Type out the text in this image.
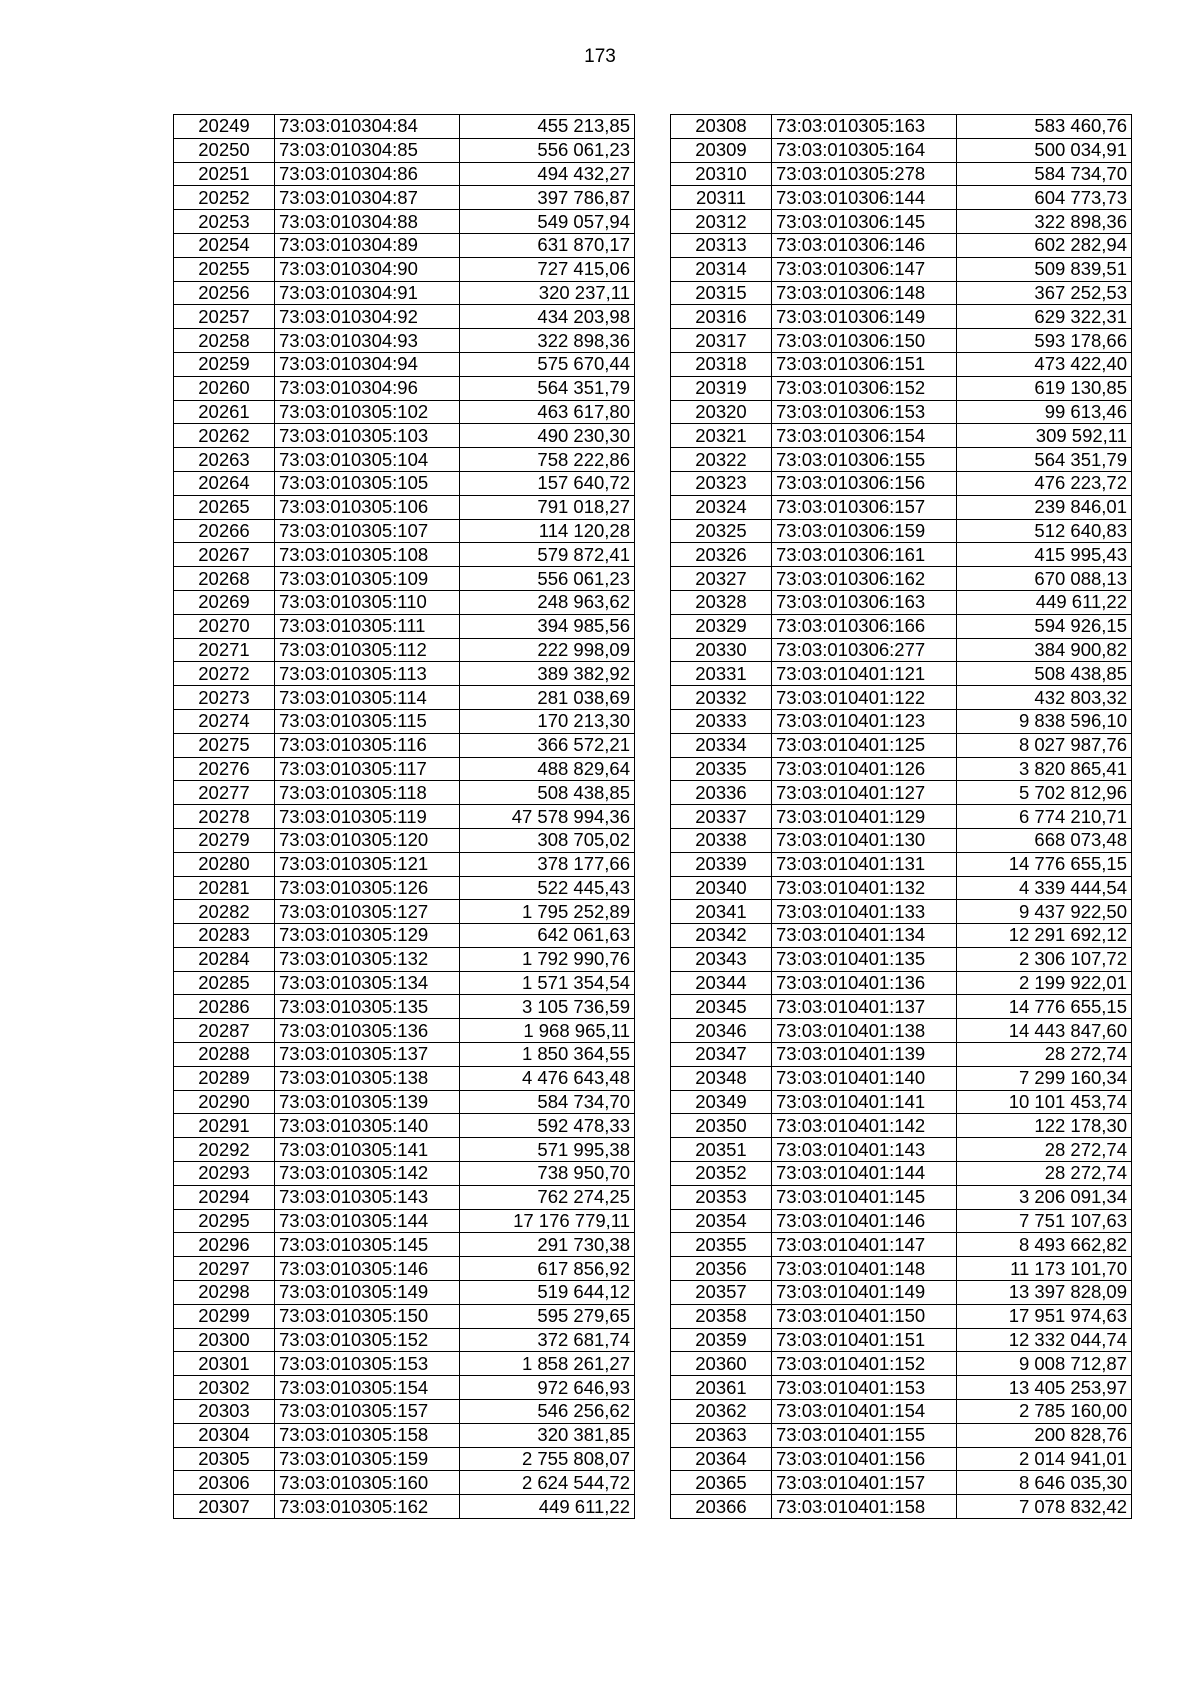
173
20249	73:03:010304:84	455 213,85
20250	73:03:010304:85	556 061,23
20251	73:03:010304:86	494 432,27
20252	73:03:010304:87	397 786,87
20253	73:03:010304:88	549 057,94
20254	73:03:010304:89	631 870,17
20255	73:03:010304:90	727 415,06
20256	73:03:010304:91	320 237,11
20257	73:03:010304:92	434 203,98
20258	73:03:010304:93	322 898,36
20259	73:03:010304:94	575 670,44
20260	73:03:010304:96	564 351,79
20261	73:03:010305:102	463 617,80
20262	73:03:010305:103	490 230,30
20263	73:03:010305:104	758 222,86
20264	73:03:010305:105	157 640,72
20265	73:03:010305:106	791 018,27
20266	73:03:010305:107	114 120,28
20267	73:03:010305:108	579 872,41
20268	73:03:010305:109	556 061,23
20269	73:03:010305:110	248 963,62
20270	73:03:010305:111	394 985,56
20271	73:03:010305:112	222 998,09
20272	73:03:010305:113	389 382,92
20273	73:03:010305:114	281 038,69
20274	73:03:010305:115	170 213,30
20275	73:03:010305:116	366 572,21
20276	73:03:010305:117	488 829,64
20277	73:03:010305:118	508 438,85
20278	73:03:010305:119	47 578 994,36
20279	73:03:010305:120	308 705,02
20280	73:03:010305:121	378 177,66
20281	73:03:010305:126	522 445,43
20282	73:03:010305:127	1 795 252,89
20283	73:03:010305:129	642 061,63
20284	73:03:010305:132	1 792 990,76
20285	73:03:010305:134	1 571 354,54
20286	73:03:010305:135	3 105 736,59
20287	73:03:010305:136	1 968 965,11
20288	73:03:010305:137	1 850 364,55
20289	73:03:010305:138	4 476 643,48
20290	73:03:010305:139	584 734,70
20291	73:03:010305:140	592 478,33
20292	73:03:010305:141	571 995,38
20293	73:03:010305:142	738 950,70
20294	73:03:010305:143	762 274,25
20295	73:03:010305:144	17 176 779,11
20296	73:03:010305:145	291 730,38
20297	73:03:010305:146	617 856,92
20298	73:03:010305:149	519 644,12
20299	73:03:010305:150	595 279,65
20300	73:03:010305:152	372 681,74
20301	73:03:010305:153	1 858 261,27
20302	73:03:010305:154	972 646,93
20303	73:03:010305:157	546 256,62
20304	73:03:010305:158	320 381,85
20305	73:03:010305:159	2 755 808,07
20306	73:03:010305:160	2 624 544,72
20307	73:03:010305:162	449 611,22
20308	73:03:010305:163	583 460,76
20309	73:03:010305:164	500 034,91
20310	73:03:010305:278	584 734,70
20311	73:03:010306:144	604 773,73
20312	73:03:010306:145	322 898,36
20313	73:03:010306:146	602 282,94
20314	73:03:010306:147	509 839,51
20315	73:03:010306:148	367 252,53
20316	73:03:010306:149	629 322,31
20317	73:03:010306:150	593 178,66
20318	73:03:010306:151	473 422,40
20319	73:03:010306:152	619 130,85
20320	73:03:010306:153	99 613,46
20321	73:03:010306:154	309 592,11
20322	73:03:010306:155	564 351,79
20323	73:03:010306:156	476 223,72
20324	73:03:010306:157	239 846,01
20325	73:03:010306:159	512 640,83
20326	73:03:010306:161	415 995,43
20327	73:03:010306:162	670 088,13
20328	73:03:010306:163	449 611,22
20329	73:03:010306:166	594 926,15
20330	73:03:010306:277	384 900,82
20331	73:03:010401:121	508 438,85
20332	73:03:010401:122	432 803,32
20333	73:03:010401:123	9 838 596,10
20334	73:03:010401:125	8 027 987,76
20335	73:03:010401:126	3 820 865,41
20336	73:03:010401:127	5 702 812,96
20337	73:03:010401:129	6 774 210,71
20338	73:03:010401:130	668 073,48
20339	73:03:010401:131	14 776 655,15
20340	73:03:010401:132	4 339 444,54
20341	73:03:010401:133	9 437 922,50
20342	73:03:010401:134	12 291 692,12
20343	73:03:010401:135	2 306 107,72
20344	73:03:010401:136	2 199 922,01
20345	73:03:010401:137	14 776 655,15
20346	73:03:010401:138	14 443 847,60
20347	73:03:010401:139	28 272,74
20348	73:03:010401:140	7 299 160,34
20349	73:03:010401:141	10 101 453,74
20350	73:03:010401:142	122 178,30
20351	73:03:010401:143	28 272,74
20352	73:03:010401:144	28 272,74
20353	73:03:010401:145	3 206 091,34
20354	73:03:010401:146	7 751 107,63
20355	73:03:010401:147	8 493 662,82
20356	73:03:010401:148	11 173 101,70
20357	73:03:010401:149	13 397 828,09
20358	73:03:010401:150	17 951 974,63
20359	73:03:010401:151	12 332 044,74
20360	73:03:010401:152	9 008 712,87
20361	73:03:010401:153	13 405 253,97
20362	73:03:010401:154	2 785 160,00
20363	73:03:010401:155	200 828,76
20364	73:03:010401:156	2 014 941,01
20365	73:03:010401:157	8 646 035,30
20366	73:03:010401:158	7 078 832,42
